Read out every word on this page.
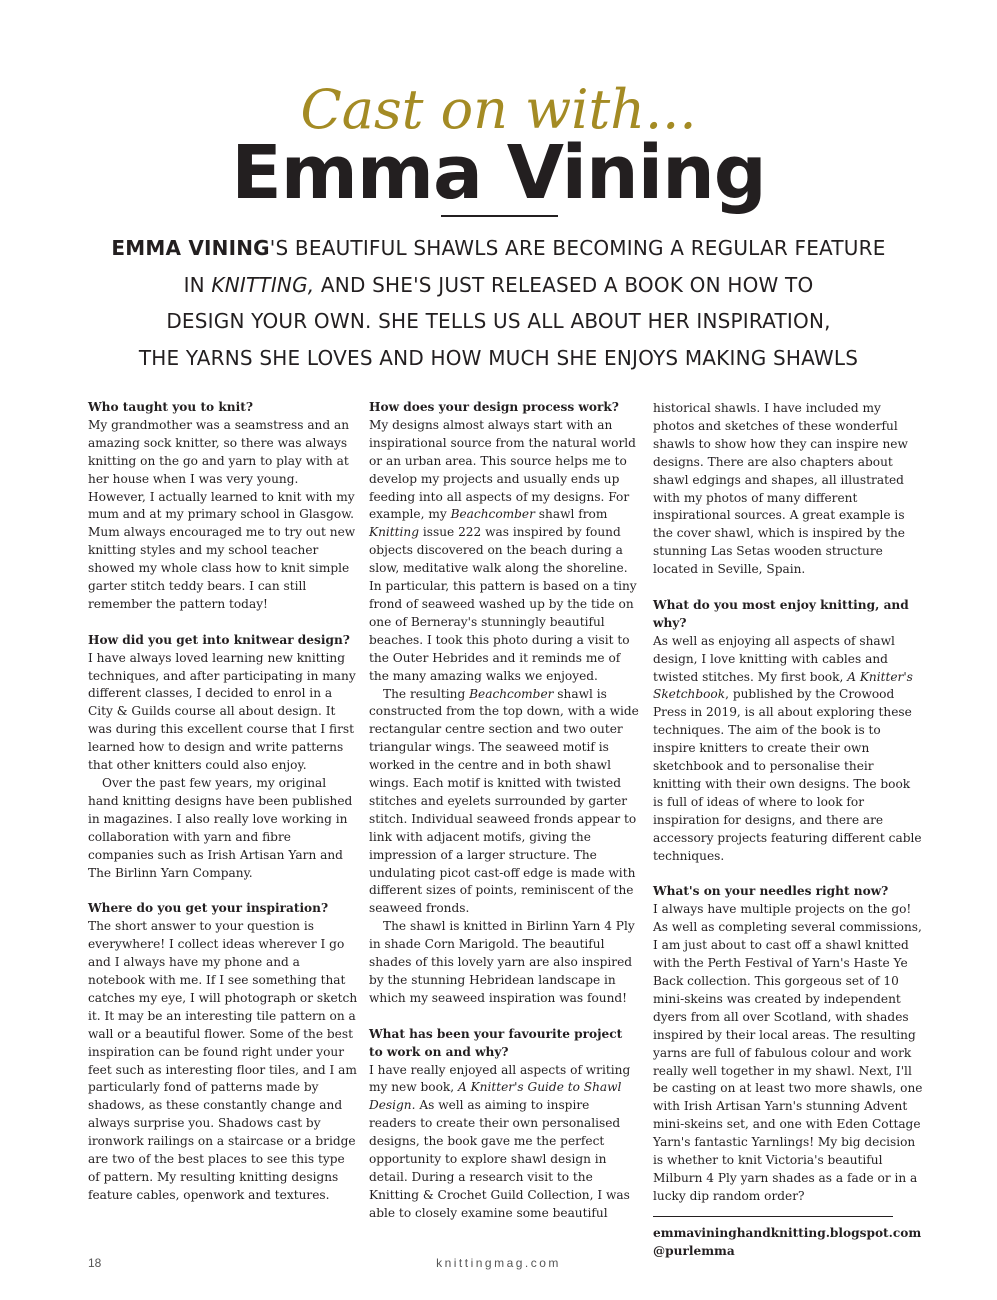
Cast on with...
Emma Vining
EMMA VINING'S BEAUTIFUL SHAWLS ARE BECOMING A REGULAR FEATURE
IN KNITTING, AND SHE'S JUST RELEASED A BOOK ON HOW TO
DESIGN YOUR OWN. SHE TELLS US ALL ABOUT HER INSPIRATION,
THE YARNS SHE LOVES AND HOW MUCH SHE ENJOYS MAKING SHAWLS

Who taught you to knit?

My grandmother was a seamstress and an amazing sock knitter, so there was always knitting on the go and yarn to play with at her house when I was very young. However, I actually learned to knit with my mum and at my primary school in Glasgow. Mum always encouraged me to try out new knitting styles and my school teacher showed my whole class how to knit simple garter stitch teddy bears. I can still remember the pattern today!

How did you get into knitwear design?

I have always loved learning new knitting techniques, and after participating in many different classes, I decided to enrol in a City & Guilds course all about design. It was during this excellent course that I first learned how to design and write patterns that other knitters could also enjoy.

Over the past few years, my original hand knitting designs have been published in magazines. I also really love working in collaboration with yarn and fibre companies such as Irish Artisan Yarn and The Birlinn Yarn Company.

Where do you get your inspiration?

The short answer to your question is everywhere! I collect ideas wherever I go and I always have my phone and a notebook with me. If I see something that catches my eye, I will photograph or sketch it. It may be an interesting tile pattern on a wall or a beautiful flower. Some of the best inspiration can be found right under your feet such as interesting floor tiles, and I am particularly fond of patterns made by shadows, as these constantly change and always surprise you. Shadows cast by ironwork railings on a staircase or a bridge are two of the best places to see this type of pattern. My resulting knitting designs feature cables, openwork and textures.

How does your design process work?

My designs almost always start with an inspirational source from the natural world or an urban area. This source helps me to develop my projects and usually ends up feeding into all aspects of my designs. For example, my Beachcomber shawl from Knitting issue 222 was inspired by found objects discovered on the beach during a slow, meditative walk along the shoreline. In particular, this pattern is based on a tiny frond of seaweed washed up by the tide on one of Berneray's stunningly beautiful beaches. I took this photo during a visit to the Outer Hebrides and it reminds me of the many amazing walks we enjoyed.

The resulting Beachcomber shawl is constructed from the top down, with a wide rectangular centre section and two outer triangular wings. The seaweed motif is worked in the centre and in both shawl wings. Each motif is knitted with twisted stitches and eyelets surrounded by garter stitch. Individual seaweed fronds appear to link with adjacent motifs, giving the impression of a larger structure. The undulating picot cast-off edge is made with different sizes of points, reminiscent of the seaweed fronds.

The shawl is knitted in Birlinn Yarn 4 Ply in shade Corn Marigold. The beautiful shades of this lovely yarn are also inspired by the stunning Hebridean landscape in which my seaweed inspiration was found!

What has been your favourite project to work on and why?

I have really enjoyed all aspects of writing my new book, A Knitter's Guide to Shawl Design. As well as aiming to inspire readers to create their own personalised designs, the book gave me the perfect opportunity to explore shawl design in detail. During a research visit to the Knitting & Crochet Guild Collection, I was able to closely examine some beautiful

historical shawls. I have included my photos and sketches of these wonderful shawls to show how they can inspire new designs. There are also chapters about shawl edgings and shapes, all illustrated with my photos of many different inspirational sources. A great example is the cover shawl, which is inspired by the stunning Las Setas wooden structure located in Seville, Spain.

What do you most enjoy knitting, and why?

As well as enjoying all aspects of shawl design, I love knitting with cables and twisted stitches. My first book, A Knitter's Sketchbook, published by the Crowood Press in 2019, is all about exploring these techniques. The aim of the book is to inspire knitters to create their own sketchbook and to personalise their knitting with their own designs. The book is full of ideas of where to look for inspiration for designs, and there are accessory projects featuring different cable techniques.

What's on your needles right now?

I always have multiple projects on the go! As well as completing several commissions, I am just about to cast off a shawl knitted with the Perth Festival of Yarn's Haste Ye Back collection. This gorgeous set of 10 mini-skeins was created by independent dyers from all over Scotland, with shades inspired by their local areas. The resulting yarns are full of fabulous colour and work really well together in my shawl. Next, I'll be casting on at least two more shawls, one with Irish Artisan Yarn's stunning Advent mini-skeins set, and one with Eden Cottage Yarn's fantastic Yarnlings! My big decision is whether to knit Victoria's beautiful Milburn 4 Ply yarn shades as a fade or in a lucky dip random order?

emmavininghandknitting.blogspot.com

@purlemma

18	knittingmag.com
